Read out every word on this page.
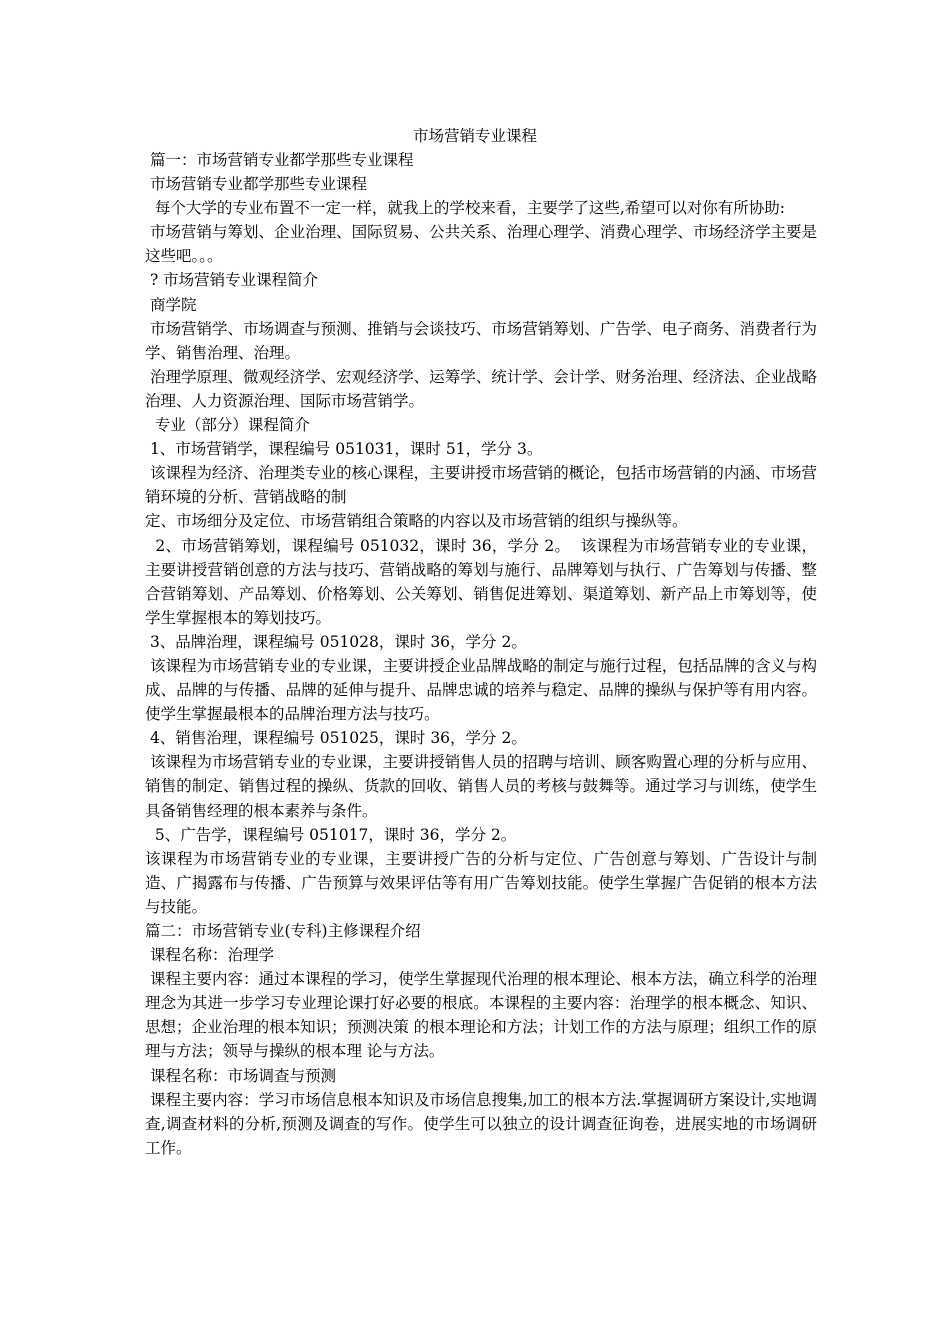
市场营销专业课程

篇一：市场营销专业都学那些专业课程

市场营销专业都学那些专业课程

每个大学的专业布置不一定一样，就我上的学校来看，主要学了这些,希望可以对你有所协助:

市场营销与筹划、企业治理、国际贸易、公共关系、治理心理学、消费心理学、市场经济学主要是这些吧。。。

? 市场营销专业课程简介

商学院

市场营销学、市场调查与预测、推销与会谈技巧、市场营销筹划、广告学、电子商务、消费者行为学、销售治理、治理。

治理学原理、微观经济学、宏观经济学、运筹学、统计学、会计学、财务治理、经济法、企业战略治理、人力资源治理、国际市场营销学。

专业（部分）课程简介

1、市场营销学，课程编号 051031，课时 51，学分 3。

该课程为经济、治理类专业的核心课程，主要讲授市场营销的概论，包括市场营销的内涵、市场营销环境的分析、营销战略的制

定、市场细分及定位、市场营销组合策略的内容以及市场营销的组织与操纵等。

2、市场营销筹划，课程编号 051032，课时 36，学分 2。  该课程为市场营销专业的专业课，主要讲授营销创意的方法与技巧、营销战略的筹划与施行、品牌筹划与执行、广告筹划与传播、整合营销筹划、产品筹划、价格筹划、公关筹划、销售促进筹划、渠道筹划、新产品上市筹划等，使学生掌握根本的筹划技巧。

3、品牌治理，课程编号 051028，课时 36，学分 2。

该课程为市场营销专业的专业课，主要讲授企业品牌战略的制定与施行过程，包括品牌的含义与构成、品牌的与传播、品牌的延伸与提升、品牌忠诚的培养与稳定、品牌的操纵与保护等有用内容。使学生掌握最根本的品牌治理方法与技巧。

4、销售治理，课程编号 051025，课时 36，学分 2。

该课程为市场营销专业的专业课，主要讲授销售人员的招聘与培训、顾客购置心理的分析与应用、销售的制定、销售过程的操纵、货款的回收、销售人员的考核与鼓舞等。通过学习与训练，使学生具备销售经理的根本素养与条件。

5、广告学，课程编号 051017，课时 36，学分 2。

该课程为市场营销专业的专业课，主要讲授广告的分析与定位、广告创意与筹划、广告设计与制造、广揭露布与传播、广告预算与效果评估等有用广告筹划技能。使学生掌握广告促销的根本方法与技能。

篇二：市场营销专业(专科)主修课程介绍

课程名称：治理学

课程主要内容：通过本课程的学习，使学生掌握现代治理的根本理论、根本方法，确立科学的治理理念为其进一步学习专业理论课打好必要的根底。本课程的主要内容：治理学的根本概念、知识、思想；企业治理的根本知识；预测决策 的根本理论和方法；计划工作的方法与原理；组织工作的原理与方法；领导与操纵的根本理 论与方法。

课程名称：市场调查与预测

课程主要内容：学习市场信息根本知识及市场信息搜集,加工的根本方法.掌握调研方案设计,实地调查,调查材料的分析,预测及调查的写作。使学生可以独立的设计调查征询卷，进展实地的市场调研工作。
